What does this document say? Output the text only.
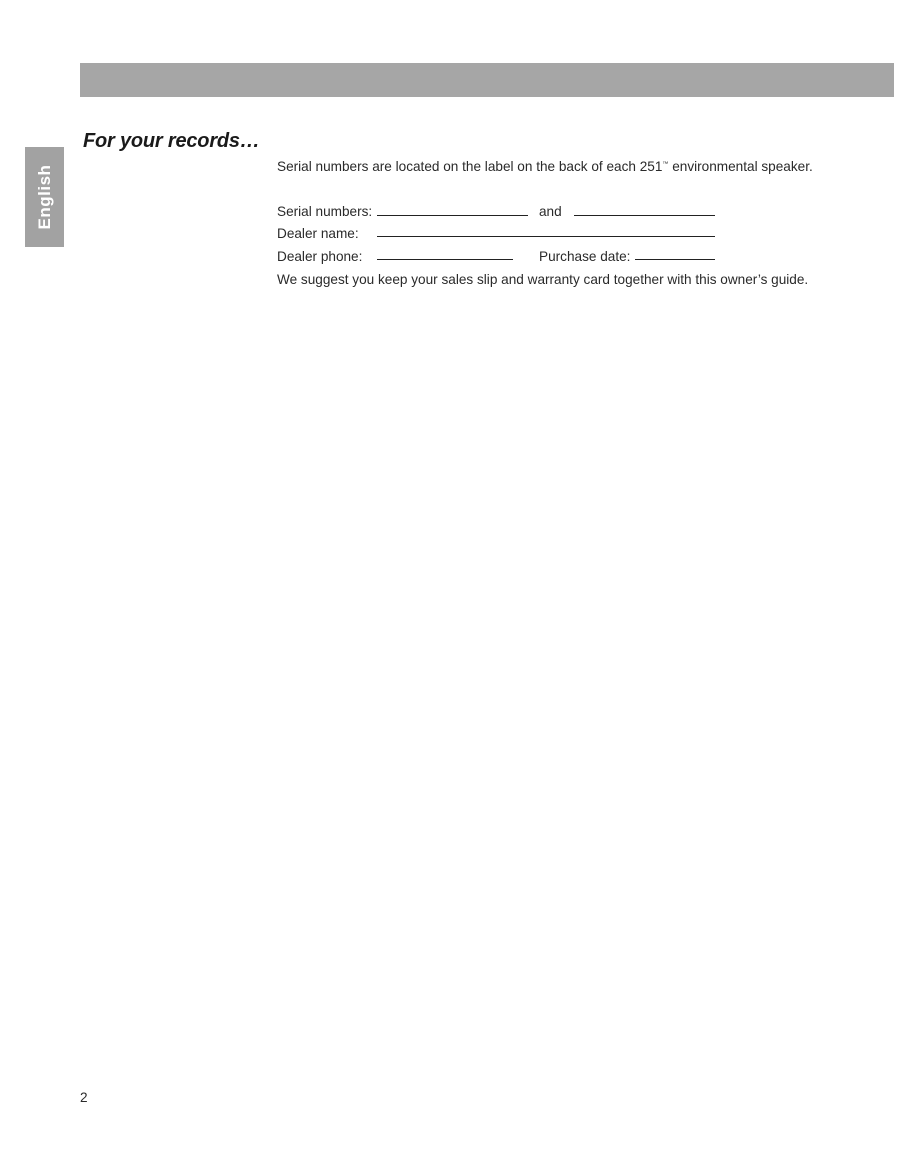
English
For your records…
Serial numbers are located on the label on the back of each 251™ environmental speaker.
Serial numbers:	and
Dealer name:
Dealer phone:	Purchase date:
We suggest you keep your sales slip and warranty card together with this owner’s guide.
2
